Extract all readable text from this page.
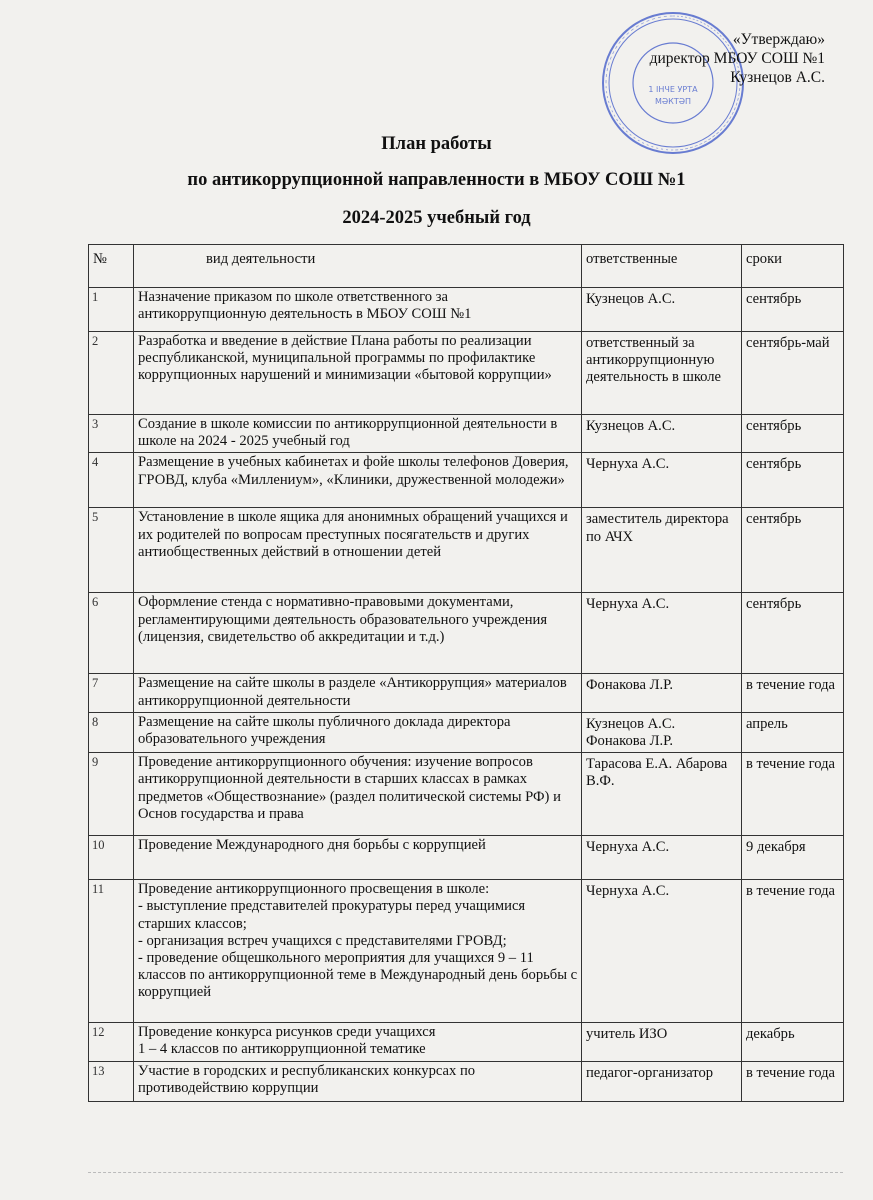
1 ІНЧЕ УРТА
МӘКТӘП
«Утверждаю»
директор МБОУ СОШ №1
Кузнецов А.С.
План работы
по антикоррупционной направленности в МБОУ СОШ №1
2024-2025 учебный год
№	вид деятельности	ответственные	сроки
1	Назначение приказом по школе ответственного за антикоррупционную деятельность в МБОУ СОШ №1	Кузнецов А.С.	сентябрь
2	Разработка и введение в действие Плана работы по реализации республиканской, муниципальной программы по профилактике коррупционных нарушений и минимизации «бытовой коррупции»	ответственный за антикоррупционную деятельность в школе	сентябрь-май
3	Создание в школе комиссии по антикоррупционной деятельности в школе на 2024 - 2025 учебный год	Кузнецов А.С.	сентябрь
4	Размещение в учебных кабинетах и фойе школы телефонов Доверия, ГРОВД, клуба «Миллениум», «Клиники, дружественной молодежи»	Чернуха А.С.	сентябрь
5	Установление в школе ящика для анонимных обращений учащихся и их родителей по вопросам преступных посягательств и других антиобщественных действий в отношении детей	заместитель директора по АЧХ	сентябрь
6	Оформление стенда с нормативно-правовыми документами, регламентирующими деятельность образовательного учреждения (лицензия, свидетельство об аккредитации и т.д.)	Чернуха А.С.	сентябрь
7	Размещение на сайте школы в разделе «Антикоррупция» материалов антикоррупционной деятельности	Фонакова Л.Р.	в течение года
8	Размещение на сайте школы публичного доклада директора образовательного учреждения	Кузнецов А.С. Фонакова Л.Р.	апрель
9	Проведение антикоррупционного обучения: изучение вопросов антикоррупционной деятельности в старших классах в рамках предметов «Обществознание» (раздел политической системы РФ) и Основ государства и права	Тарасова Е.А. Абарова В.Ф.	в течение года
10	Проведение Международного дня борьбы с коррупцией	Чернуха А.С.	9 декабря
11	Проведение антикоррупционного просвещения в школе:
- выступление представителей прокуратуры перед учащимися старших классов;
- организация встреч учащихся с представителями ГРОВД;
- проведение общешкольного мероприятия для учащихся 9 – 11 классов по антикоррупционной теме в Международный день борьбы с коррупцией	Чернуха А.С.	в течение года
12	Проведение конкурса рисунков среди учащихся
1 – 4 классов по антикоррупционной тематике	учитель ИЗО	декабрь
13	Участие в городских и республиканских конкурсах по противодействию коррупции	педагог-организатор	в течение года
